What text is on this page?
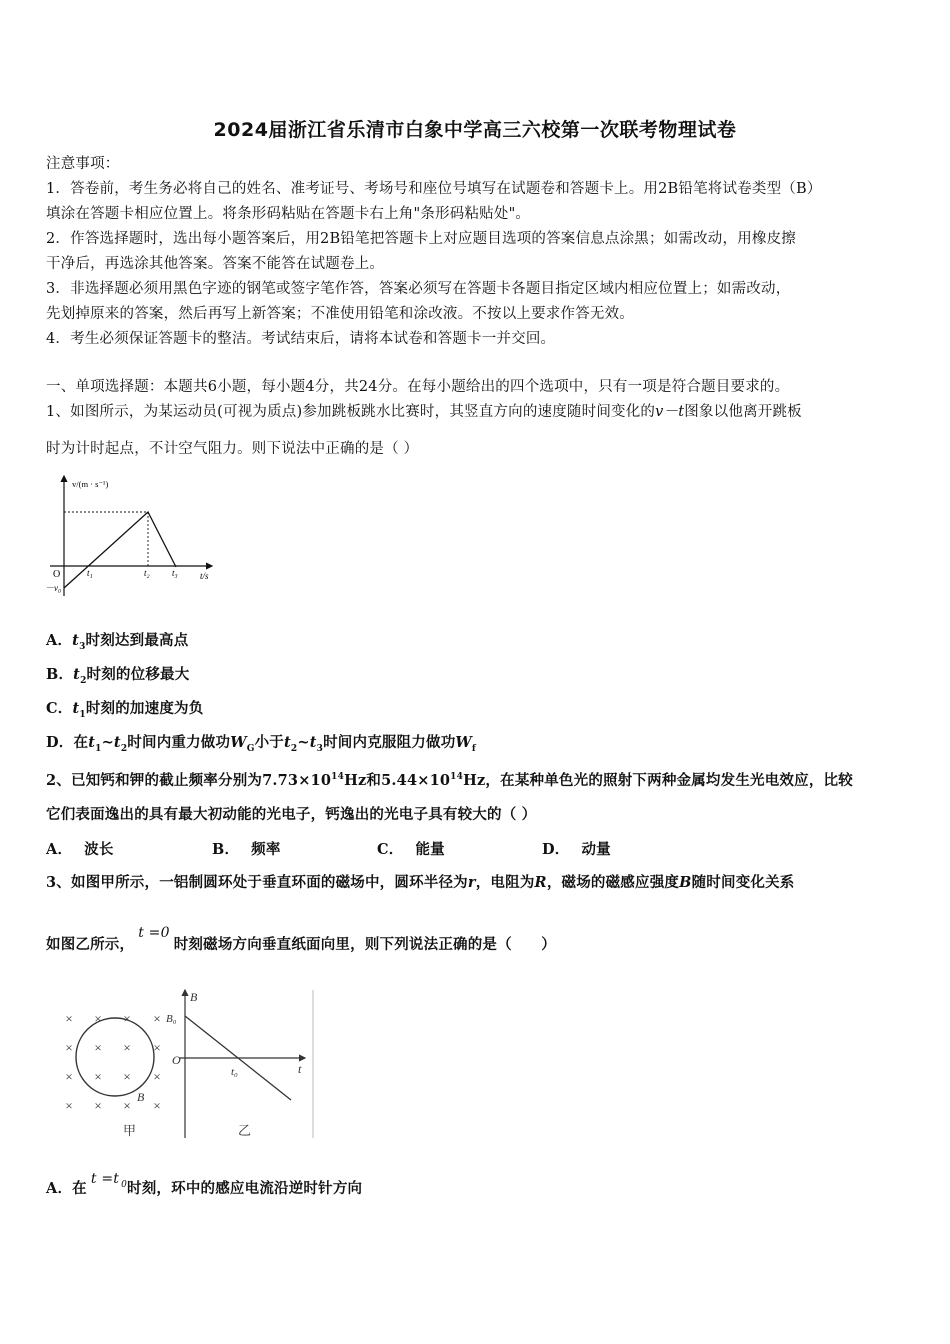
2024届浙江省乐清市白象中学高三六校第一次联考物理试卷
注意事项：
1．答卷前，考生务必将自己的姓名、准考证号、考场号和座位号填写在试题卷和答题卡上。用2B铅笔将试卷类型（B）
填涂在答题卡相应位置上。将条形码粘贴在答题卡右上角"条形码粘贴处"。
2．作答选择题时，选出每小题答案后，用2B铅笔把答题卡上对应题目选项的答案信息点涂黑；如需改动，用橡皮擦
干净后，再选涂其他答案。答案不能答在试题卷上。
3．非选择题必须用黑色字迹的钢笔或签字笔作答，答案必须写在答题卡各题目指定区域内相应位置上；如需改动，
先划掉原来的答案，然后再写上新答案；不准使用铅笔和涂改液。不按以上要求作答无效。
4．考生必须保证答题卡的整洁。考试结束后，请将本试卷和答题卡一并交回。
一、单项选择题：本题共6小题，每小题4分，共24分。在每小题给出的四个选项中，只有一项是符合题目要求的。
1、如图所示，为某运动员(可视为质点)参加跳板跳水比赛时，其竖直方向的速度随时间变化的v－t图象以他离开跳板
时为计时起点，不计空气阻力。则下说法中正确的是（ ）
v/(m · s⁻¹)
t/s
O	t₁	t₂ t₃
－v₀
A．$t_3$时刻达到最高点
B．$t_2$时刻的位移最大
C．$t_1$时刻的加速度为负
D．在$t_1\sim t_2$时间内重力做功$W_G$小于$t_2\sim t_3$时间内克服阻力做功$W_f$
2、已知钙和钾的截止频率分别为$7.73\times 10^{14}Hz$和$5.44\times 10^{14}Hz$，在某种单色光的照射下两种金属均发生光电效应，比较
它们表面逸出的具有最大初动能的光电子，钙逸出的光电子具有较大的（ ）
A． 波长	B． 频率	C． 能量	D． 动量
3、如图甲所示，一铝制圆环处于垂直环面的磁场中，圆环半径为r，电阻为R，磁场的磁感应强度B随时间变化关系
如图乙所示，t =0时刻磁场方向垂直纸面向里，则下列说法正确的是（　　）
× × × ×
× × × ×
× × × ×
× × × ×
B
甲
B
B₀
O
t₀	t
乙
A．在t =t $_0$时刻，环中的感应电流沿逆时针方向
